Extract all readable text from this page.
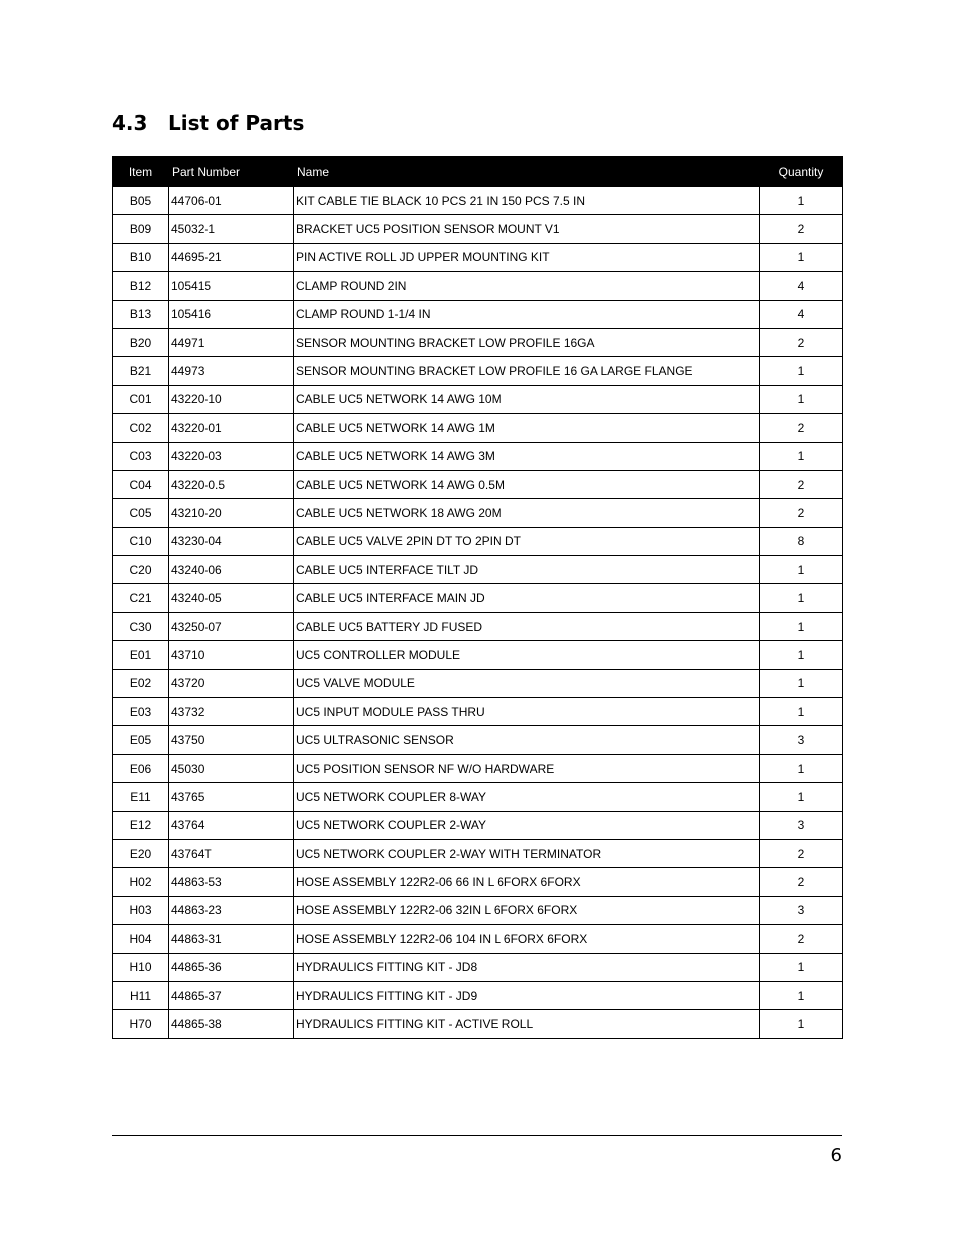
4.3 List of Parts
Item	Part Number	Name	Quantity
B05	44706-01	KIT CABLE TIE BLACK 10 PCS 21 IN 150 PCS 7.5 IN	1
B09	45032-1	BRACKET UC5 POSITION SENSOR MOUNT V1	2
B10	44695-21	PIN ACTIVE ROLL JD UPPER MOUNTING KIT	1
B12	105415	CLAMP ROUND 2IN	4
B13	105416	CLAMP ROUND 1-1/4 IN	4
B20	44971	SENSOR MOUNTING BRACKET LOW PROFILE 16GA	2
B21	44973	SENSOR MOUNTING BRACKET LOW PROFILE 16 GA LARGE FLANGE	1
C01	43220-10	CABLE UC5 NETWORK 14 AWG 10M	1
C02	43220-01	CABLE UC5 NETWORK 14 AWG 1M	2
C03	43220-03	CABLE UC5 NETWORK 14 AWG 3M	1
C04	43220-0.5	CABLE UC5 NETWORK 14 AWG 0.5M	2
C05	43210-20	CABLE UC5 NETWORK 18 AWG 20M	2
C10	43230-04	CABLE UC5 VALVE 2PIN DT TO 2PIN DT	8
C20	43240-06	CABLE UC5 INTERFACE TILT JD	1
C21	43240-05	CABLE UC5 INTERFACE MAIN JD	1
C30	43250-07	CABLE UC5 BATTERY JD FUSED	1
E01	43710	UC5 CONTROLLER MODULE	1
E02	43720	UC5 VALVE MODULE	1
E03	43732	UC5 INPUT MODULE PASS THRU	1
E05	43750	UC5 ULTRASONIC SENSOR	3
E06	45030	UC5 POSITION SENSOR NF W/O HARDWARE	1
E11	43765	UC5 NETWORK COUPLER 8-WAY	1
E12	43764	UC5 NETWORK COUPLER 2-WAY	3
E20	43764T	UC5 NETWORK COUPLER 2-WAY WITH TERMINATOR	2
H02	44863-53	HOSE ASSEMBLY 122R2-06 66 IN L 6FORX 6FORX	2
H03	44863-23	HOSE ASSEMBLY 122R2-06 32IN L 6FORX 6FORX	3
H04	44863-31	HOSE ASSEMBLY 122R2-06 104 IN L 6FORX 6FORX	2
H10	44865-36	HYDRAULICS FITTING KIT - JD8	1
H11	44865-37	HYDRAULICS FITTING KIT - JD9	1
H70	44865-38	HYDRAULICS FITTING KIT - ACTIVE ROLL	1
6
